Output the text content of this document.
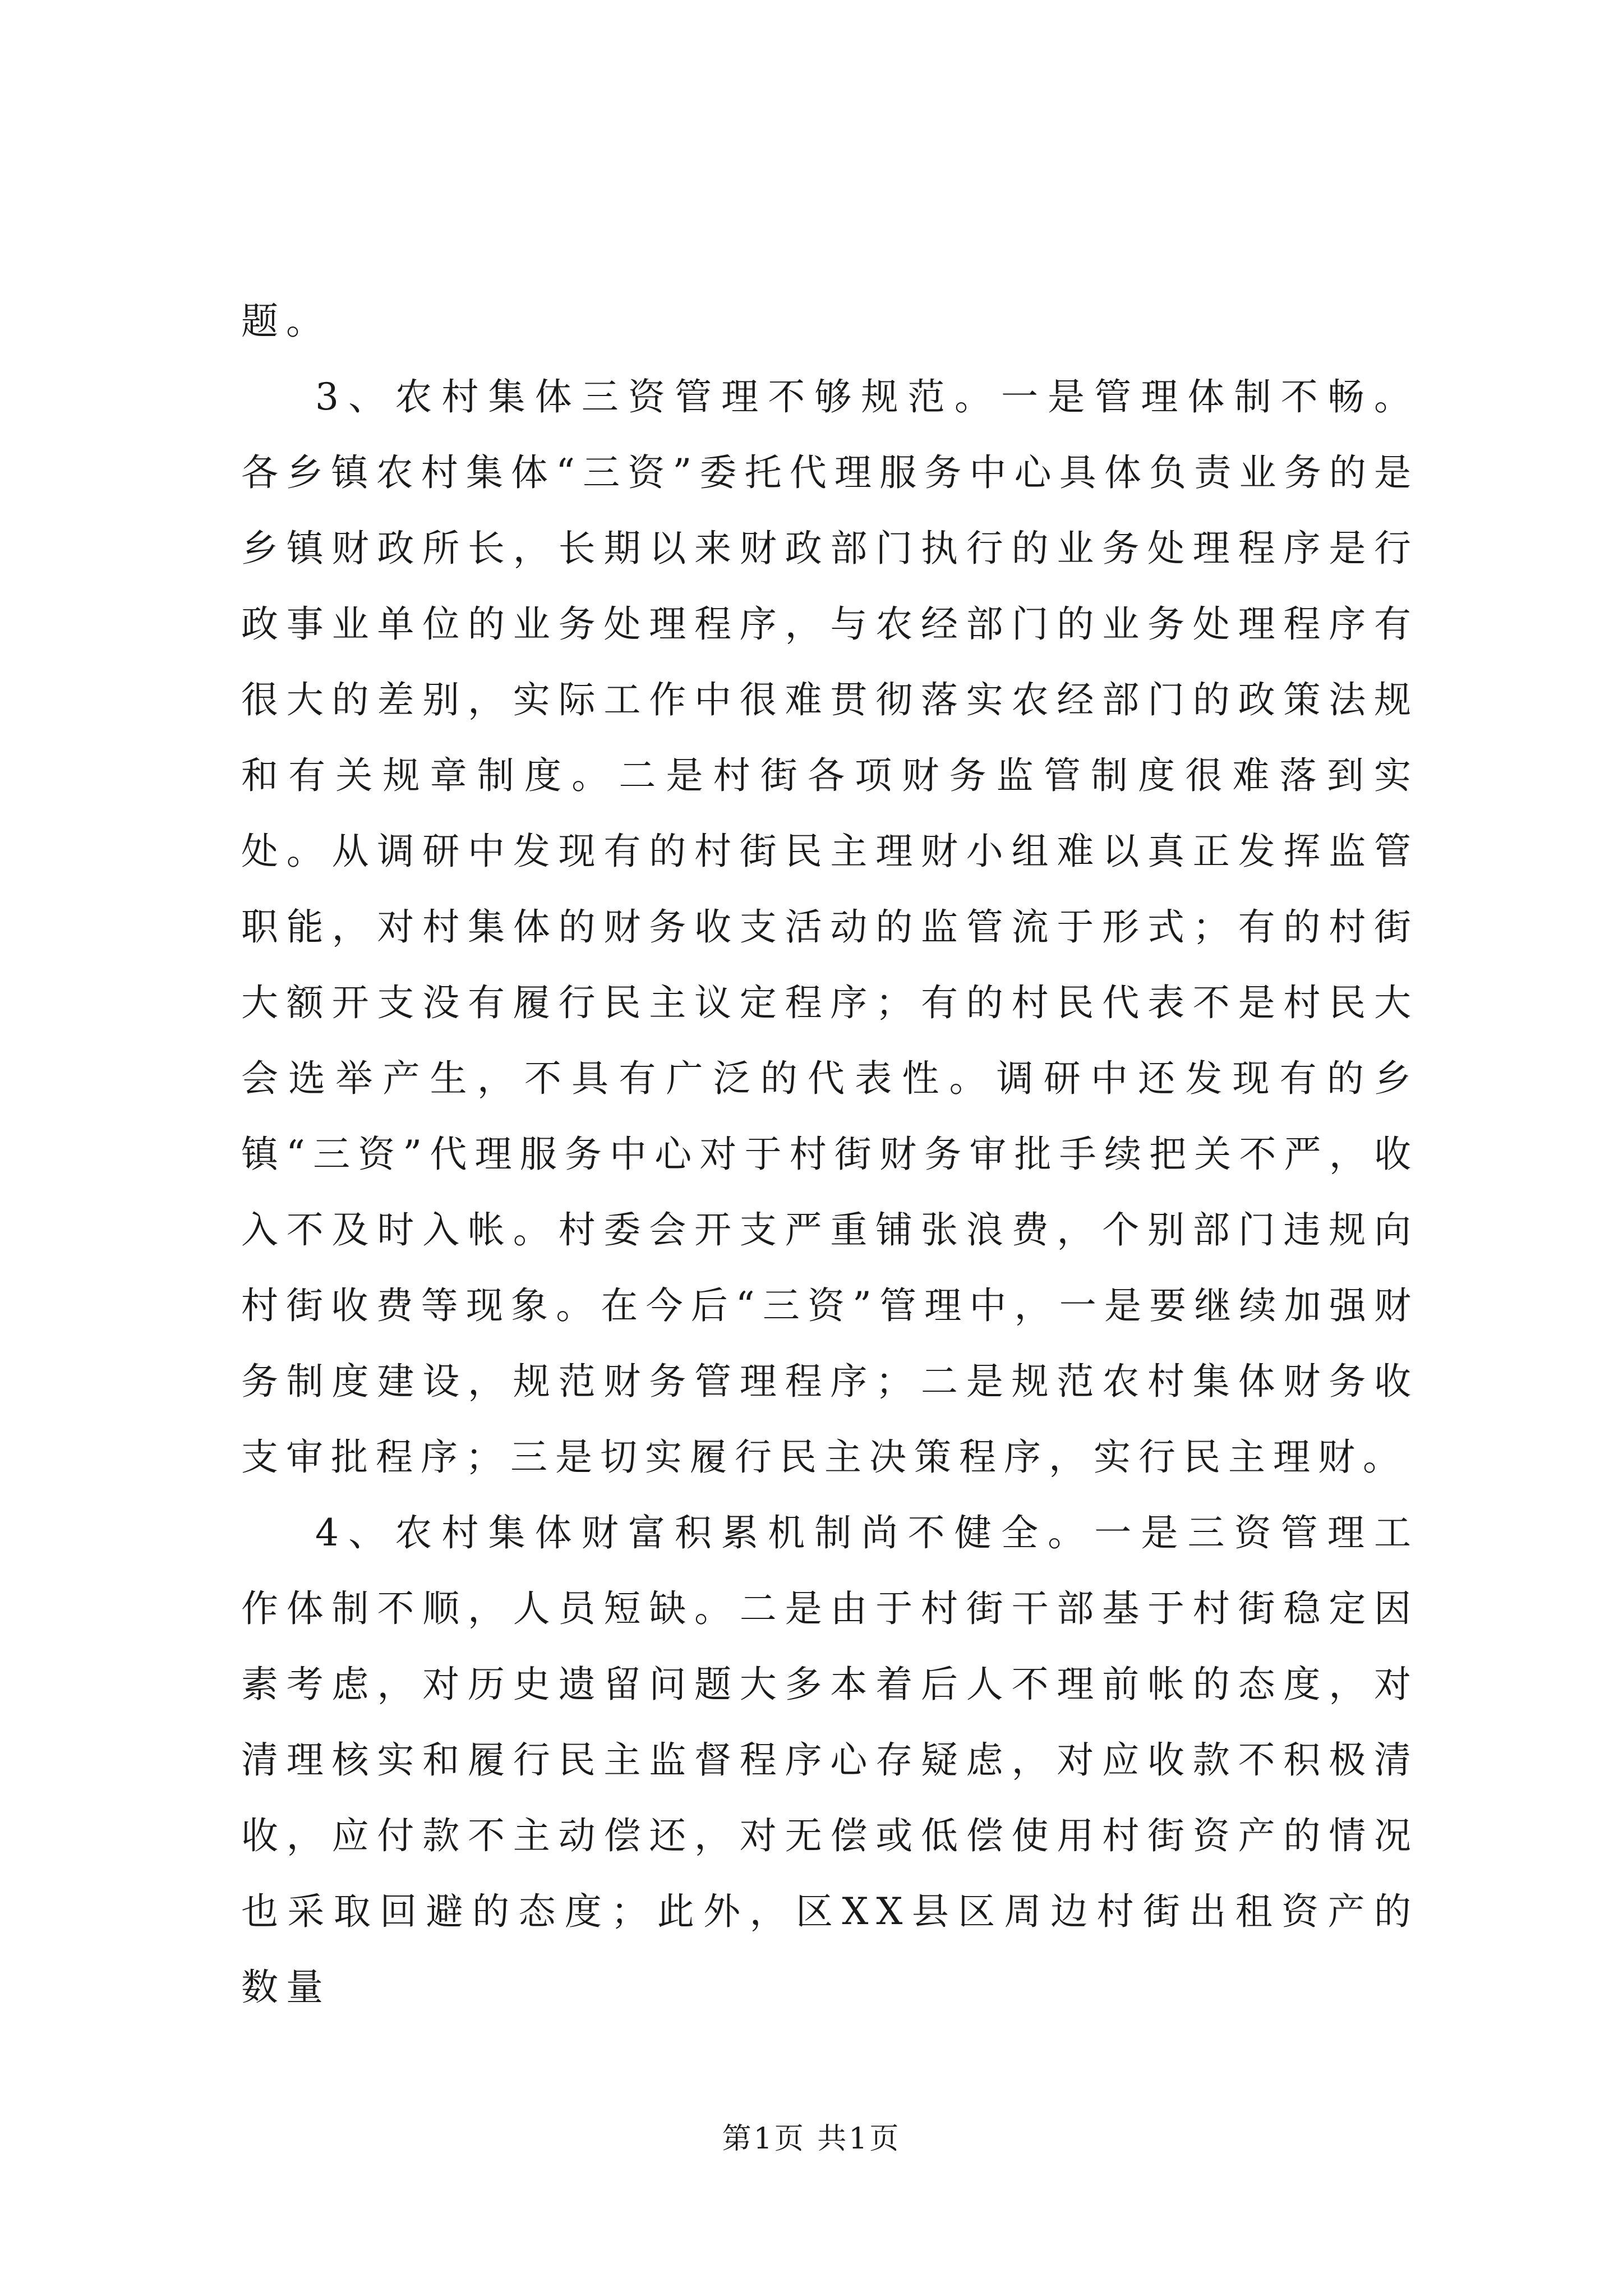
题。

3、农村集体三资管理不够规范。一是管理体制不畅。各乡镇农村集体“三资”委托代理服务中心具体负责业务的是乡镇财政所长，长期以来财政部门执行的业务处理程序是行政事业单位的业务处理程序，与农经部门的业务处理程序有很大的差别，实际工作中很难贯彻落实农经部门的政策法规和有关规章制度。二是村街各项财务监管制度很难落到实处。从调研中发现有的村街民主理财小组难以真正发挥监管职能，对村集体的财务收支活动的监管流于形式；有的村街大额开支没有履行民主议定程序；有的村民代表不是村民大会选举产生，不具有广泛的代表性。调研中还发现有的乡镇“三资”代理服务中心对于村街财务审批手续把关不严，收入不及时入帐。村委会开支严重铺张浪费，个别部门违规向村街收费等现象。在今后“三资”管理中，一是要继续加强财务制度建设，规范财务管理程序；二是规范农村集体财务收支审批程序；三是切实履行民主决策程序，实行民主理财。

4、农村集体财富积累机制尚不健全。一是三资管理工作体制不顺，人员短缺。二是由于村街干部基于村街稳定因素考虑，对历史遗留问题大多本着后人不理前帐的态度，对清理核实和履行民主监督程序心存疑虑，对应收款不积极清收，应付款不主动偿还，对无偿或低偿使用村街资产的情况也采取回避的态度；此外，区XX县区周边村街出租资产的数量

第1页 共1页
